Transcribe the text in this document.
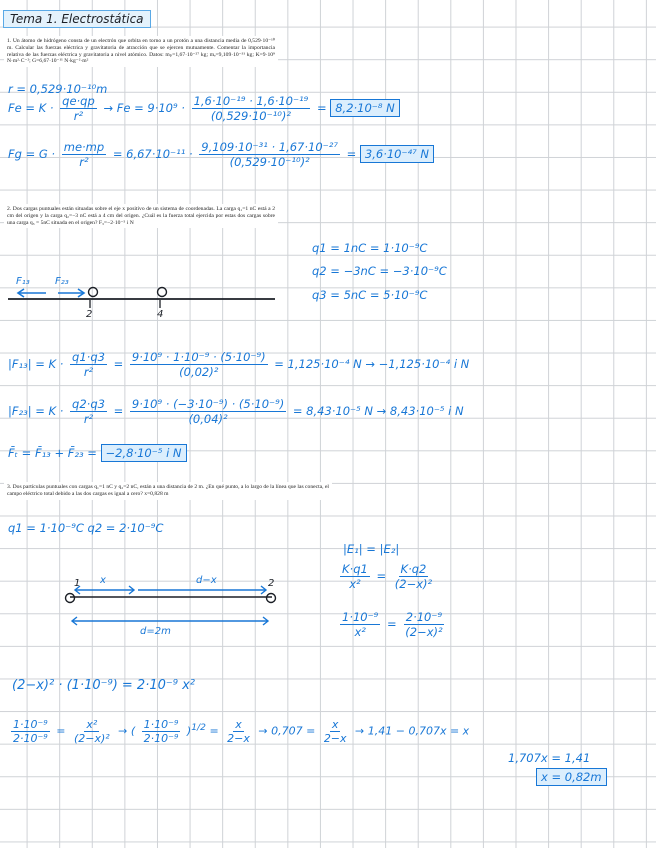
Tema 1. Electrostática
1. Un átomo de hidrógeno consta de un electrón que orbita en torno a un protón a una distancia media de 0,529·10⁻¹⁰ m. Calcular las fuerzas eléctrica y gravitatoria de atracción que se ejercen mutuamente. Comentar la importancia relativa de las fuerzas eléctrica y gravitatoria a nivel atómico. Datos: mₚ=1,67·10⁻²⁷ kg; mₑ=9,109·10⁻³¹ kg; K=9·10⁹ N·m²·C⁻²; G=6,67·10⁻¹¹ N·kg⁻²·m²
r = 0,529·10⁻¹⁰m
$Fe = K \cdot \frac{qe\cdot qp}{\text{r²}} \to Fe = 9\cdot 10^9 \cdot \frac{\text{1,6·10⁻¹⁹ · 1,6·10⁻¹⁹}}{\text{(0,529·10⁻¹⁰)²}} = 8,2\cdot 10^{-8}$ N
$Fg = G \cdot \frac{me\cdot mp}{\text{r²}} = 6,67\cdot 10^{-11} \cdot \frac{\text{9,109·10⁻³¹ · 1,67·10⁻²⁷}}{\text{(0,529·10⁻¹⁰)²}} = 3,6\cdot 10^{-47}$ N
2. Dos cargas puntuales están situadas sobre el eje x positivo de un sistema de coordenadas. La carga q₁=1 nC está a 2 cm del origen y la carga q₂=−3 nC está a 4 cm del origen. ¿Cuál es la fuerza total ejercida por estas dos cargas sobre una carga q₃ = 5nC situada en el origen? F₃=−2·10⁻⁵ i N
q1 = 1nC = 1·10⁻⁹C
q2 = −3nC = −3·10⁻⁹C
q3 = 5nC = 5·10⁻⁹C
F₁₃	F₂₃
2	4
$|F_{13}| = K \cdot \frac{q1\cdot q3}{\text{r²}} = \frac{\text{9·10⁹ · 1·10⁻⁹ · (5·10⁻⁹)}}{\text{(0,02)²}} = 1,125\cdot 10^{-4}$ N → −1,125·10⁻⁴ i N
$|F_{23}| = K \cdot \frac{q2\cdot q3}{\text{r²}} = \frac{\text{9·10⁹ · (−3·10⁻⁹) · (5·10⁻⁹)}}{\text{(0,04)²}} = 8,43\cdot 10^{-5}$ N → 8,43·10⁻⁵ i N
F̄ₜ = F̄₁₃ + F̄₂₃ = −2,8·10⁻⁵ i N
3. Dos partículas puntuales con cargas q₁=1 nC y q₂=2 nC, están a una distancia de 2 m. ¿En qué punto, a lo largo de la línea que las conecta, el campo eléctrico total debido a las dos cargas es igual a cero? x=0,828 m
q1 = 1·10⁻⁹C q2 = 2·10⁻⁹C
|E₁| = |E₂|
$\frac{K\cdot q1}{\text{x²}} = \frac{K\cdot q2}{\text{(2−x)²}}$
$\frac{\text{1·10⁻⁹}}{\text{x²}} = \frac{\text{2·10⁻⁹}}{\text{(2−x)²}}$
1 x	d−x	2
d=2m
(2−x)² · (1·10⁻⁹) = 2·10⁻⁹ x²
$\frac{\text{1·10⁻⁹}}{\text{2·10⁻⁹}} = \frac{\text{x²}}{\text{(2−x)²}}$ → ( $\frac{\text{1·10⁻⁹}}{\text{2·10⁻⁹}} )^{1/2} = \frac{x}{2-x} \to 0,707 = \frac{x}{2-x} \to 1,41 - 0,707x = x$
1,707x = 1,41
x = 0,82m
